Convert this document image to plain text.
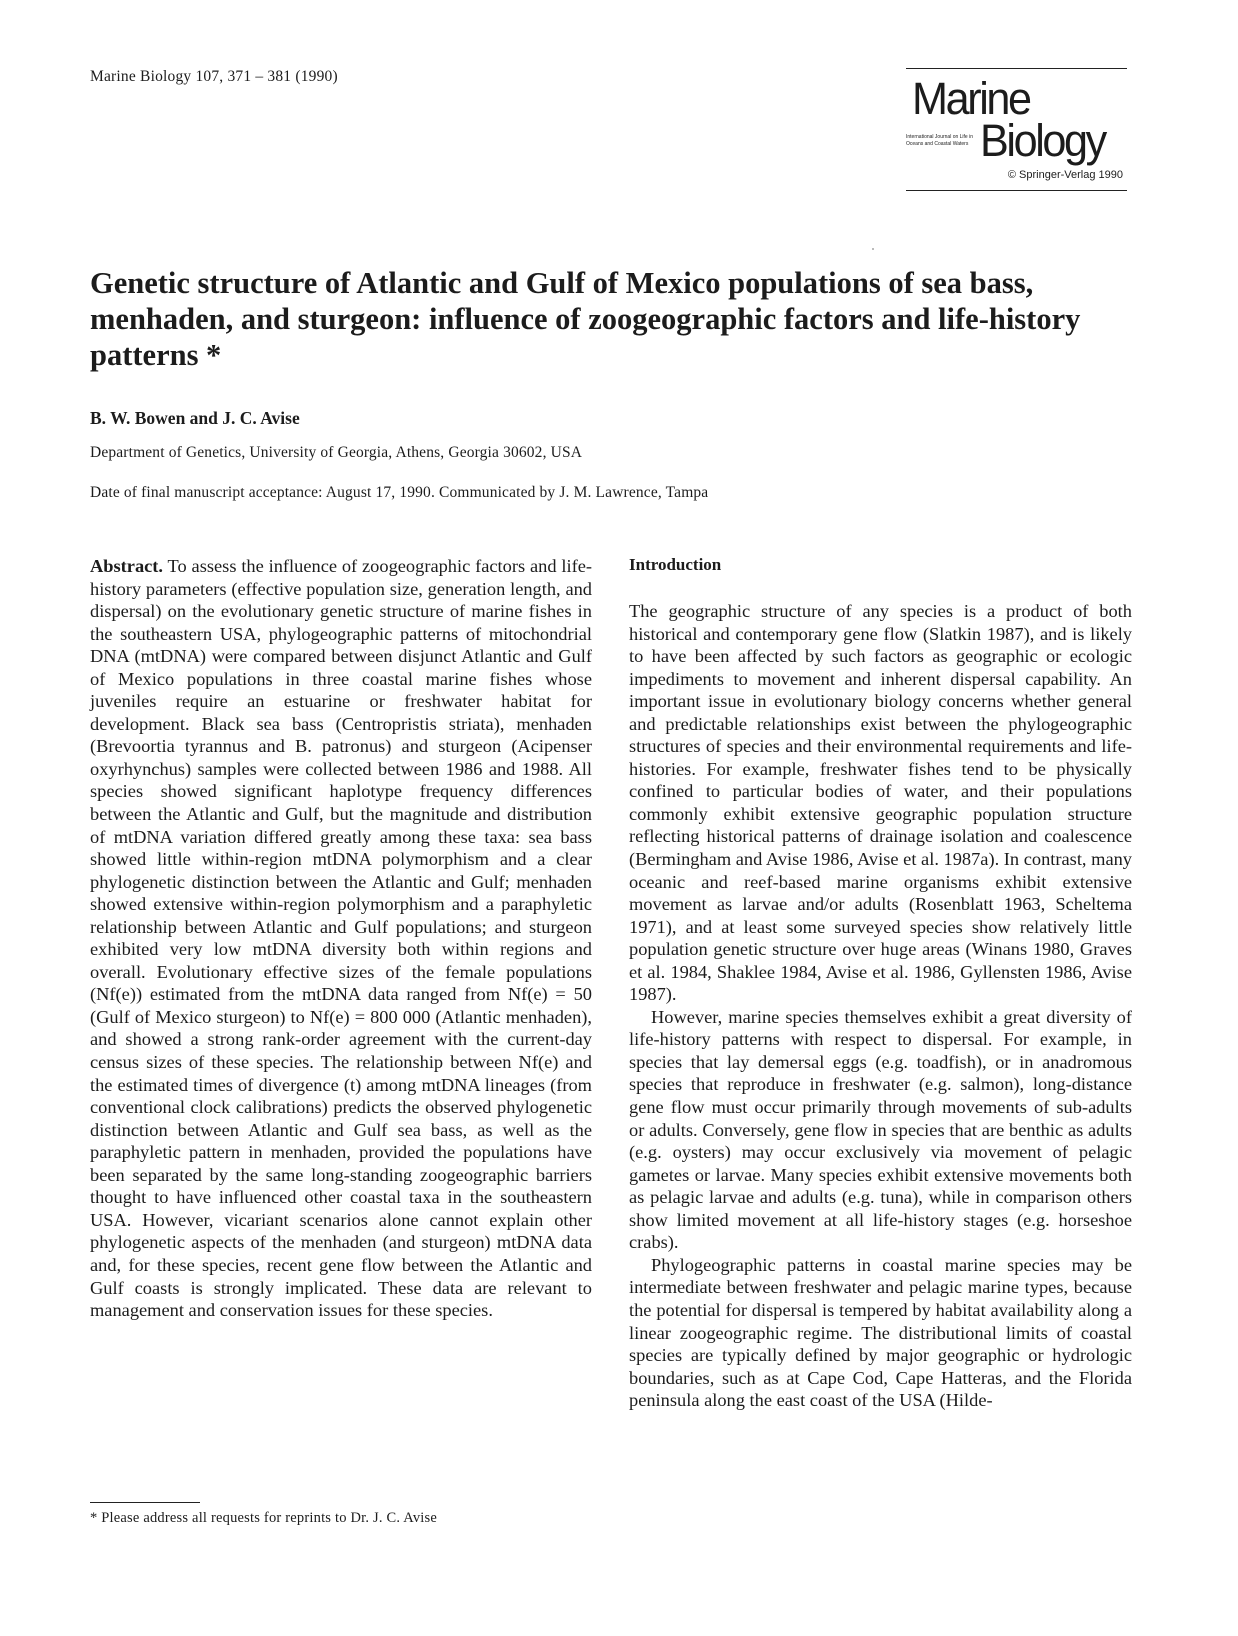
Marine Biology 107, 371 – 381 (1990)	Marine
International Journal on Life in Oceans and Coastal Waters Biology
© Springer-Verlag 1990
Genetic structure of Atlantic and Gulf of Mexico populations of sea bass, menhaden, and sturgeon: influence of zoogeographic factors and life-history patterns *
B. W. Bowen and J. C. Avise
Department of Genetics, University of Georgia, Athens, Georgia 30602, USA
Date of final manuscript acceptance: August 17, 1990. Communicated by J. M. Lawrence, Tampa

Abstract. To assess the influence of zoogeographic factors and life-history parameters (effective population size, generation length, and dispersal) on the evolutionary genetic structure of marine fishes in the southeastern USA, phylogeographic patterns of mitochondrial DNA (mtDNA) were compared between disjunct Atlantic and Gulf of Mexico populations in three coastal marine fishes whose juveniles require an estuarine or freshwater habitat for development. Black sea bass (Centropristis striata), menhaden (Brevoortia tyrannus and B. patronus) and sturgeon (Acipenser oxyrhynchus) samples were collected between 1986 and 1988. All species showed significant haplotype frequency differences between the Atlantic and Gulf, but the magnitude and distribution of mtDNA variation differed greatly among these taxa: sea bass showed little within-region mtDNA polymorphism and a clear phylogenetic distinction between the Atlantic and Gulf; menhaden showed extensive within-region polymorphism and a paraphyletic relationship between Atlantic and Gulf populations; and sturgeon exhibited very low mtDNA diversity both within regions and overall. Evolutionary effective sizes of the female populations (Nf(e)) estimated from the mtDNA data ranged from Nf(e) = 50 (Gulf of Mexico sturgeon) to Nf(e) = 800 000 (Atlantic menhaden), and showed a strong rank-order agreement with the current-day census sizes of these species. The relationship between Nf(e) and the estimated times of divergence (t) among mtDNA lineages (from conventional clock calibrations) predicts the observed phylogenetic distinction between Atlantic and Gulf sea bass, as well as the paraphyletic pattern in menhaden, provided the populations have been separated by the same long-standing zoogeographic barriers thought to have influenced other coastal taxa in the southeastern USA. However, vicariant scenarios alone cannot explain other phylogenetic aspects of the menhaden (and sturgeon) mtDNA data and, for these species, recent gene flow between the Atlantic and Gulf coasts is strongly implicated. These data are relevant to management and conservation issues for these species.

Introduction

The geographic structure of any species is a product of both historical and contemporary gene flow (Slatkin 1987), and is likely to have been affected by such factors as geographic or ecologic impediments to movement and inherent dispersal capability. An important issue in evolutionary biology concerns whether general and predictable relationships exist between the phylogeographic structures of species and their environmental requirements and life-histories. For example, freshwater fishes tend to be physically confined to particular bodies of water, and their populations commonly exhibit extensive geographic population structure reflecting historical patterns of drainage isolation and coalescence (Bermingham and Avise 1986, Avise et al. 1987a). In contrast, many oceanic and reef-based marine organisms exhibit extensive movement as larvae and/or adults (Rosenblatt 1963, Scheltema 1971), and at least some surveyed species show relatively little population genetic structure over huge areas (Winans 1980, Graves et al. 1984, Shaklee 1984, Avise et al. 1986, Gyllensten 1986, Avise 1987).

However, marine species themselves exhibit a great diversity of life-history patterns with respect to dispersal. For example, in species that lay demersal eggs (e.g. toadfish), or in anadromous species that reproduce in freshwater (e.g. salmon), long-distance gene flow must occur primarily through movements of sub-adults or adults. Conversely, gene flow in species that are benthic as adults (e.g. oysters) may occur exclusively via movement of pelagic gametes or larvae. Many species exhibit extensive movements both as pelagic larvae and adults (e.g. tuna), while in comparison others show limited movement at all life-history stages (e.g. horseshoe crabs).

Phylogeographic patterns in coastal marine species may be intermediate between freshwater and pelagic marine types, because the potential for dispersal is tempered by habitat availability along a linear zoogeographic regime. The distributional limits of coastal species are typically defined by major geographic or hydrologic boundaries, such as at Cape Cod, Cape Hatteras, and the Florida peninsula along the east coast of the USA (Hilde-

* Please address all requests for reprints to Dr. J. C. Avise
